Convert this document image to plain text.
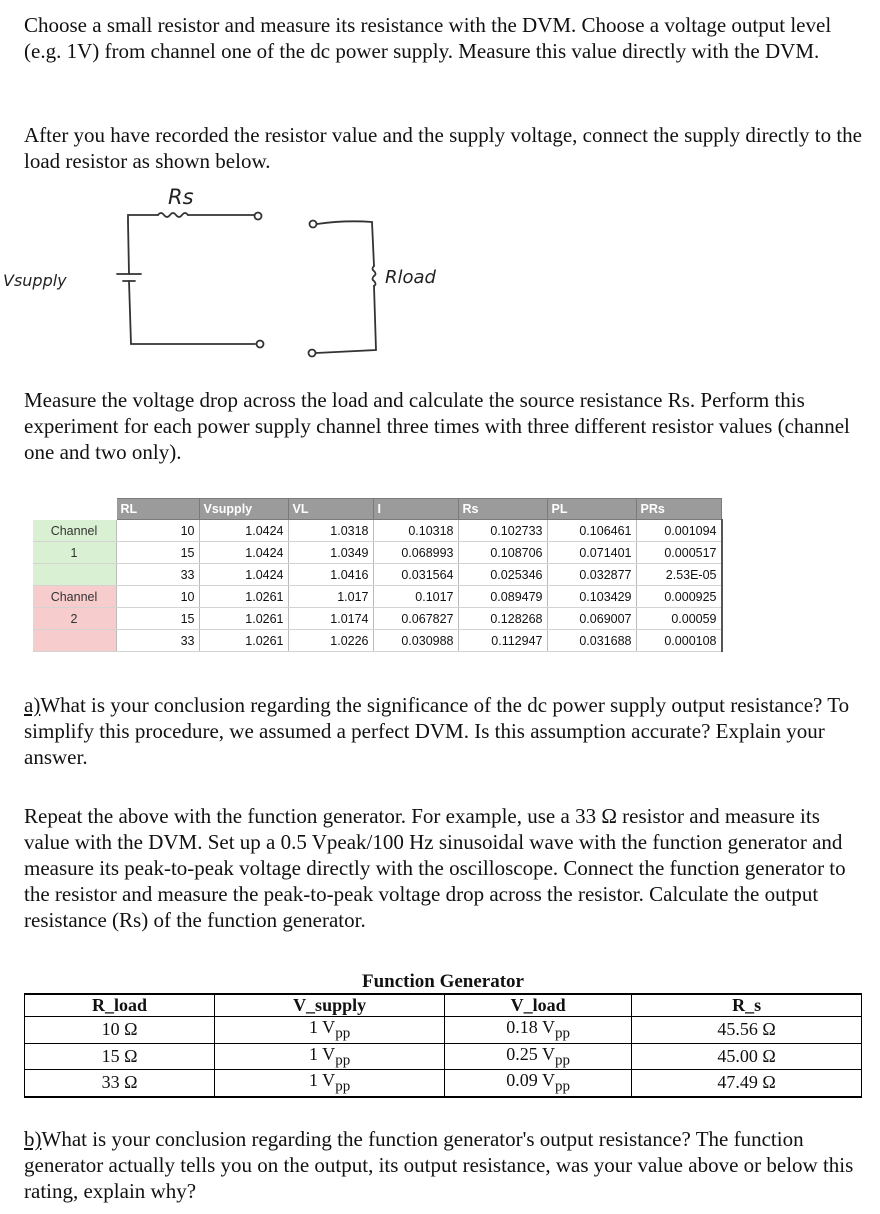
Choose a small resistor and measure its resistance with the DVM. Choose a voltage output level (e.g. 1V) from channel one of the dc power supply. Measure this value directly with the DVM.

After you have recorded the resistor value and the supply voltage, connect the supply directly to the load resistor as shown below.

Rs
Vsupply	Rload

Measure the voltage drop across the load and calculate the source resistance Rs. Perform this experiment for each power supply channel three times with three different resistor values (channel one and two only).

	RL	Vsupply	VL	I	Rs	PL	PRs
Channel	10	1.0424	1.0318	0.10318	0.102733	0.106461	0.001094
1	15	1.0424	1.0349	0.068993	0.108706	0.071401	0.000517
	33	1.0424	1.0416	0.031564	0.025346	0.032877	2.53E-05
Channel	10	1.0261	1.017	0.1017	0.089479	0.103429	0.000925
2	15	1.0261	1.0174	0.067827	0.128268	0.069007	0.00059
	33	1.0261	1.0226	0.030988	0.112947	0.031688	0.000108

a)What is your conclusion regarding the significance of the dc power supply output resistance? To simplify this procedure, we assumed a perfect DVM. Is this assumption accurate? Explain your answer.

Repeat the above with the function generator. For example, use a 33 Ω resistor and measure its value with the DVM. Set up a 0.5 Vpeak/100 Hz sinusoidal wave with the function generator and measure its peak-to-peak voltage directly with the oscilloscope. Connect the function generator to the resistor and measure the peak-to-peak voltage drop across the resistor. Calculate the output resistance (Rs) of the function generator.

Function Generator
R_load	V_supply	V_load	R_s
10 Ω	1 $V_{pp}$	0.18 $V_{pp}$	45.56 Ω
15 Ω	1 $V_{pp}$	0.25 $V_{pp}$	45.00 Ω
33 Ω	1 $V_{pp}$	0.09 $V_{pp}$	47.49 Ω

b)What is your conclusion regarding the function generator's output resistance? The function generator actually tells you on the output, its output resistance, was your value above or below this rating, explain why?
